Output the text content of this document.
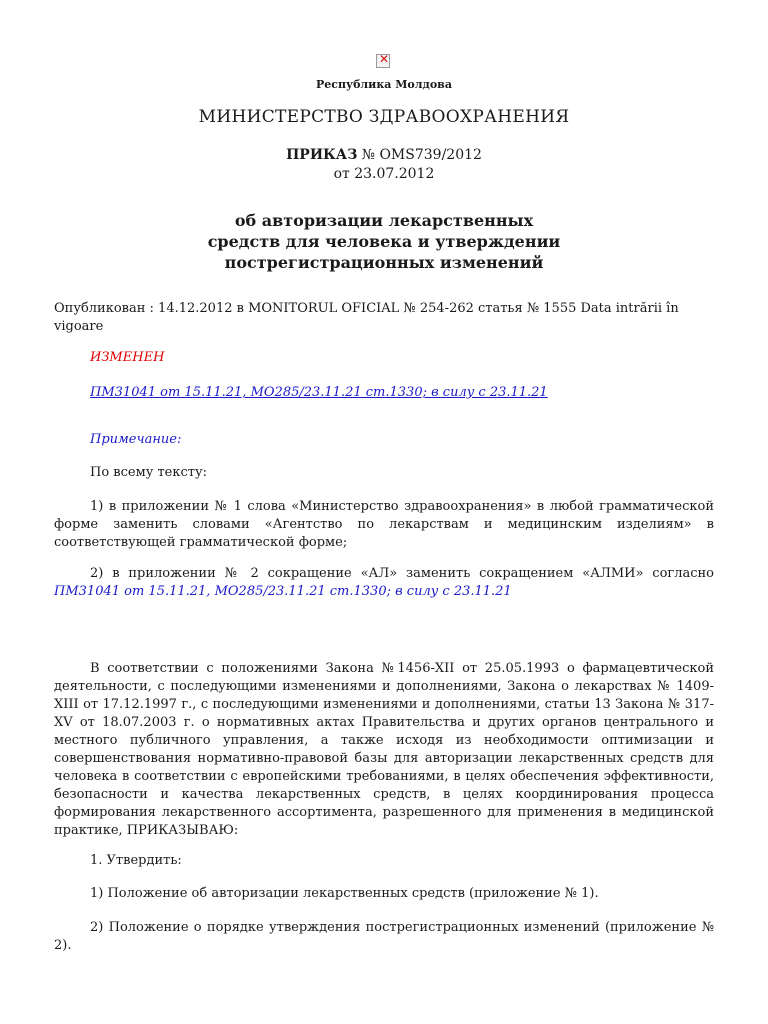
✕
Республика Молдова
МИНИСТЕРСТВО ЗДРАВООХРАНЕНИЯ
ПРИКАЗ № OMS739/2012
от 23.07.2012
об авторизации лекарственных
средств для человека и утверждении
пострегистрационных изменений
Опубликован : 14.12.2012 в MONITORUL OFICIAL № 254-262 статья № 1555 Data intrării în vigoare
ИЗМЕНЕН
ПМ31041 от 15.11.21, MO285/23.11.21 ст.1330; в силу с 23.11.21
Примечание:
По всему тексту:
1) в приложении № 1 слова «Министерство здравоохранения» в любой грамматической форме заменить словами «Агентство по лекарствам и медицинским изделиям» в соответствующей грамматической форме;
2) в приложении № 2 сокращение «АЛ» заменить сокращением «АЛМИ» согласно ПМ31041 от 15.11.21, MO285/23.11.21 ст.1330; в силу с 23.11.21
В соответствии с положениями Закона №1456-XII от 25.05.1993 о фармацевтической деятельности, с последующими изменениями и дополнениями, Закона о лекарствах № 1409-XIII от 17.12.1997 г., с последующими изменениями и дополнениями, статьи 13 Закона № 317-XV от 18.07.2003 г. о нормативных актах Правительства и других органов центрального и местного публичного управления, а также исходя из необходимости оптимизации и совершенствования нормативно-правовой базы для авторизации лекарственных средств для человека в соответствии с европейскими требованиями, в целях обеспечения эффективности, безопасности и качества лекарственных средств, в целях координирования процесса формирования лекарственного ассортимента, разрешенного для применения в медицинской практике, ПРИКАЗЫВАЮ:
1. Утвердить:
1) Положение об авторизации лекарственных средств (приложение № 1).
2) Положение о порядке утверждения пострегистрационных изменений (приложение № 2).
